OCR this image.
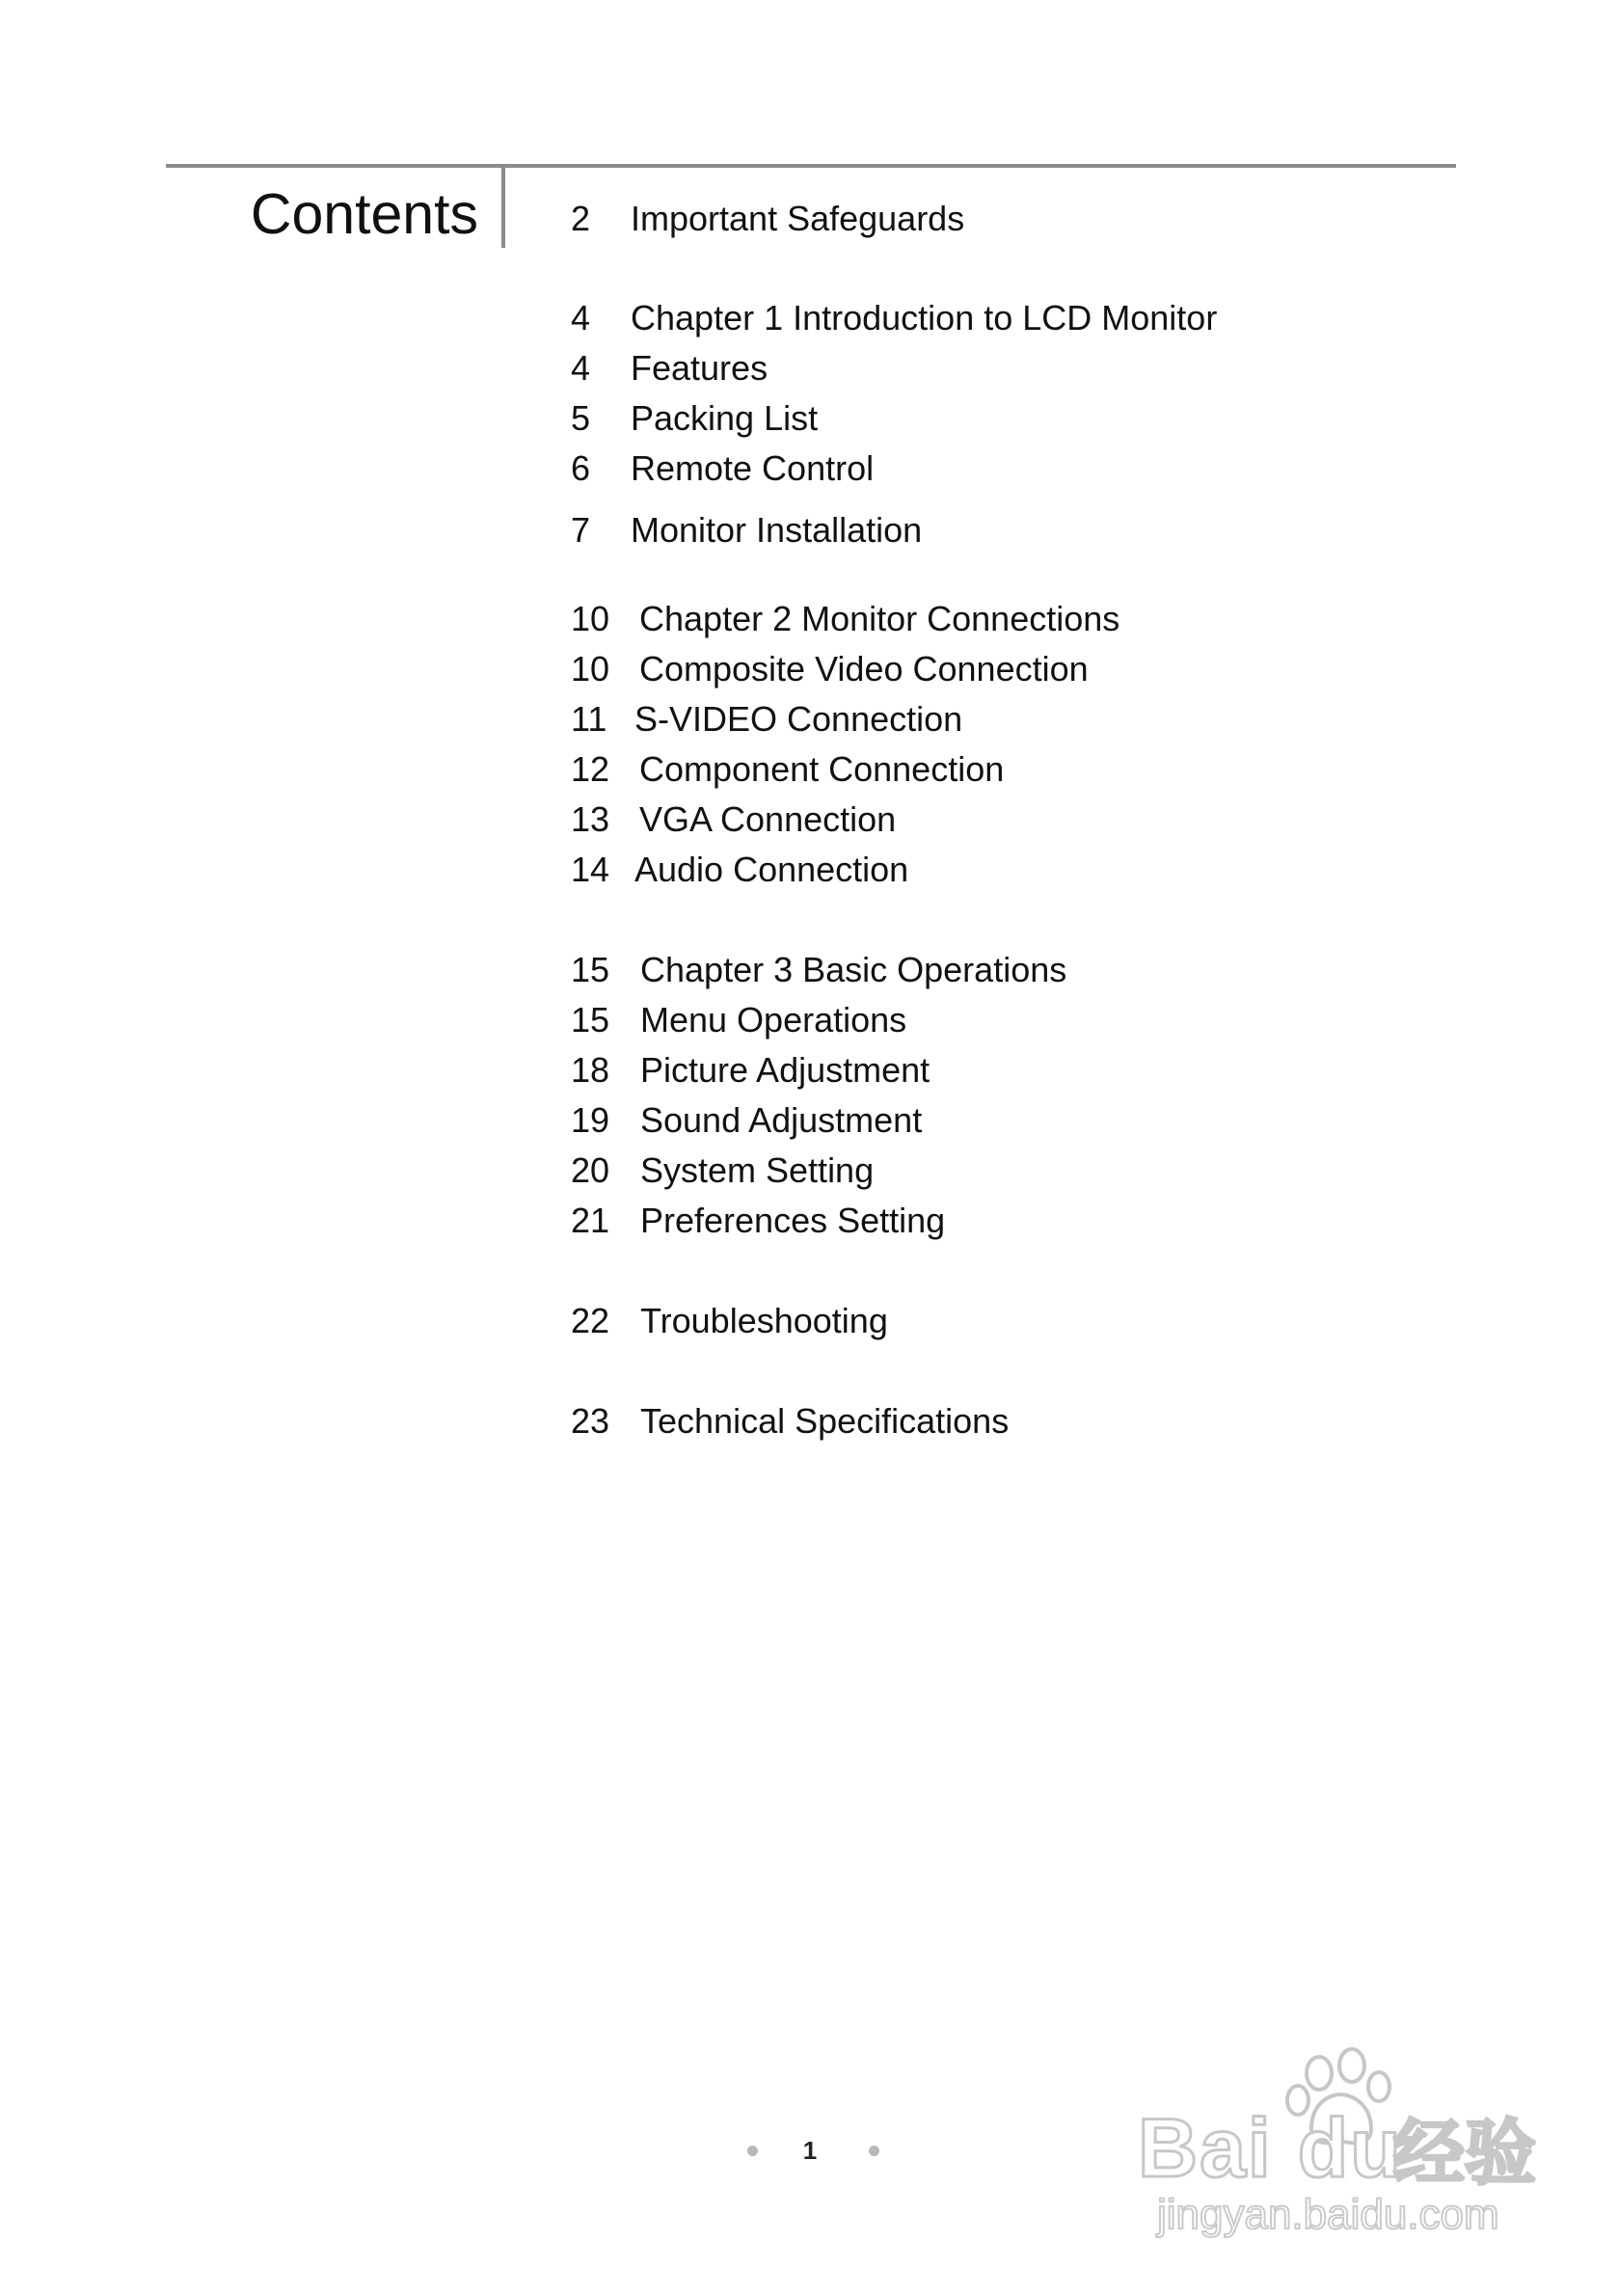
Contents	2 Important Safeguards
4 Chapter 1 Introduction to LCD Monitor
4 Features
5 Packing List
6 Remote Control
7 Monitor Installation
10 Chapter 2 Monitor Connections
10 Composite Video Connection
11 S-VIDEO Connection
12 Component Connection
13 VGA Connection
14 Audio Connection
15 Chapter 3 Basic Operations
15 Menu Operations
18 Picture Adjustment
19 Sound Adjustment
20 System Setting
21 Preferences Setting
22 Troubleshooting
23 Technical Specifications
1	Bai du
经验
jingyan.baidu.com
